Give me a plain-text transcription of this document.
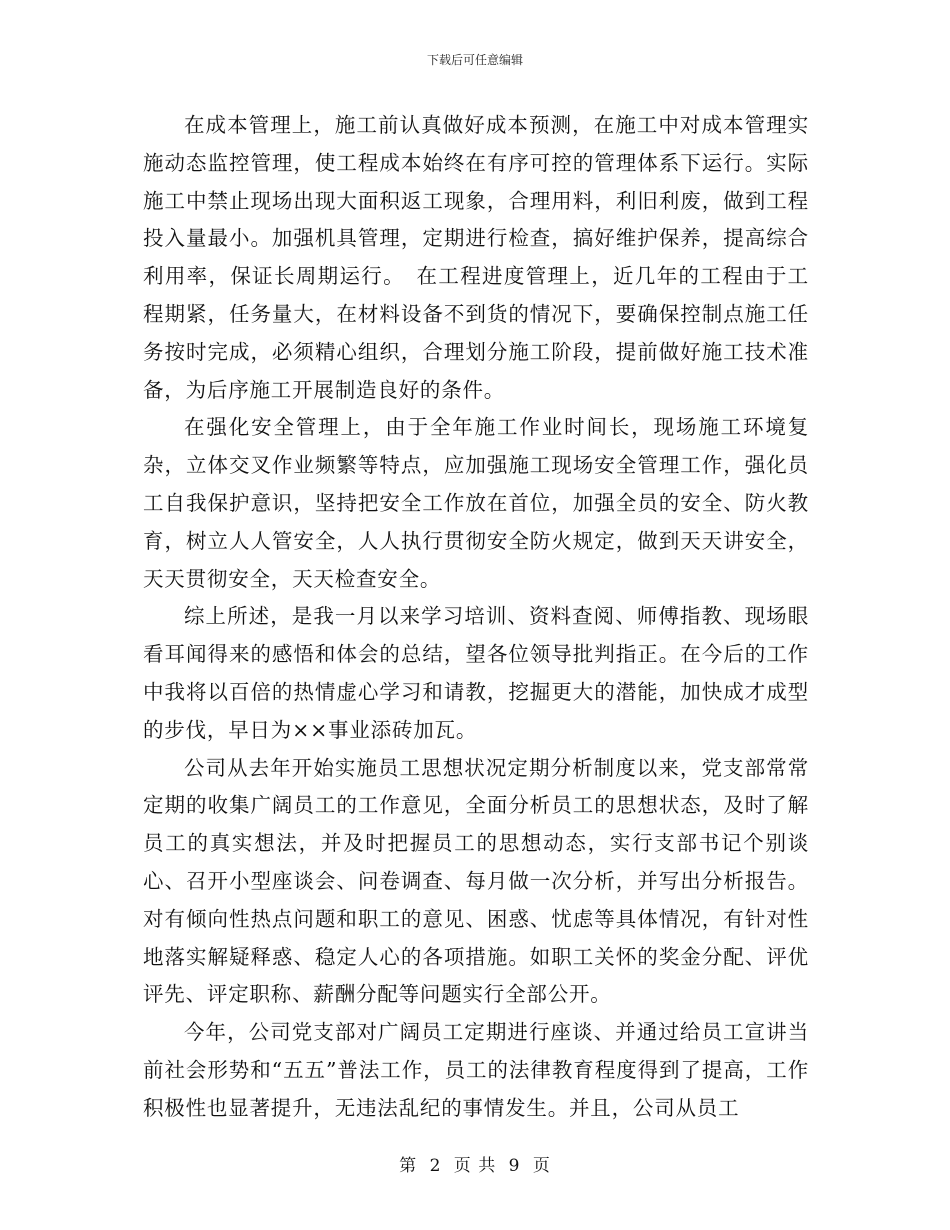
下载后可任意编辑

在成本管理上，施工前认真做好成本预测，在施工中对成本管理实施动态监控管理，使工程成本始终在有序可控的管理体系下运行。实际施工中禁止现场出现大面积返工现象，合理用料，利旧利废，做到工程投入量最小。加强机具管理，定期进行检查，搞好维护保养，提高综合利用率，保证长周期运行。　在工程进度管理上，近几年的工程由于工程期紧，任务量大，在材料设备不到货的情况下，要确保控制点施工任务按时完成，必须精心组织，合理划分施工阶段，提前做好施工技术准备，为后序施工开展制造良好的条件。

在强化安全管理上，由于全年施工作业时间长，现场施工环境复杂，立体交叉作业频繁等特点，应加强施工现场安全管理工作，强化员工自我保护意识，坚持把安全工作放在首位，加强全员的安全、防火教育，树立人人管安全，人人执行贯彻安全防火规定，做到天天讲安全，天天贯彻安全，天天检查安全。

综上所述，是我一月以来学习培训、资料查阅、师傅指教、现场眼看耳闻得来的感悟和体会的总结，望各位领导批判指正。在今后的工作中我将以百倍的热情虚心学习和请教，挖掘更大的潜能，加快成才成型的步伐，早日为××事业添砖加瓦。

公司从去年开始实施员工思想状况定期分析制度以来，党支部常常定期的收集广阔员工的工作意见，全面分析员工的思想状态，及时了解员工的真实想法，并及时把握员工的思想动态，实行支部书记个别谈心、召开小型座谈会、问卷调查、每月做一次分析，并写出分析报告。对有倾向性热点问题和职工的意见、困惑、忧虑等具体情况，有针对性地落实解疑释惑、稳定人心的各项措施。如职工关怀的奖金分配、评优评先、评定职称、薪酬分配等问题实行全部公开。

今年，公司党支部对广阔员工定期进行座谈、并通过给员工宣讲当前社会形势和“五五”普法工作，员工的法律教育程度得到了提高，工作积极性也显著提升，无违法乱纪的事情发生。并且，公司从员工

第 2 页 共 9 页
